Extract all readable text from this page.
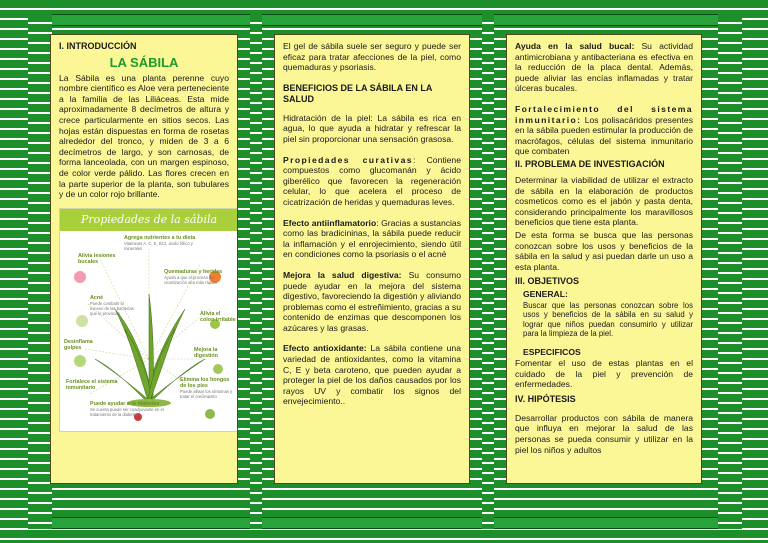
I. INTRODUCCIÓN
LA SÁBILA

La Sábila es una planta perenne cuyo nombre científico es Aloe vera perteneciente a la familia de las Liliáceas. Esta mide aproximadamente 8 decímetros de altura y crece particularmente en sitios secos. Las hojas están dispuestas en forma de rosetas alrededor del tronco, y miden de 3 a 6 decímetros de largo, y son carnosas, de forma lanceolada, con un margen espinoso, de color verde pálido. Las flores crecen en la parte superior de la planta, son tubulares y de un color rojo brillante.

Propiedades de la sábila
Agrega nutrientes a tu dieta
Vitaminas A, C, E, B12, ácido fólico y minerales
Alivia lesiones bucales
Quemaduras y heridas
Ayuda a que el proceso de cicatrización sea más rápido
Acné
Puede combatir el exceso de las bacterias que lo provocan	Alivia el colon irritable
Desinflama golpes	Mejora la digestión
Fortalece el sistema inmunitario
Elimina los hongos de los pies
Puede aliviar los síntomas y tratar el crecimiento
Puede ayudar a la diabetes
Se cuenta puede ser coadyuvante en el tratamiento de la diabetes

El gel de sábila suele ser seguro y puede ser eficaz para tratar afecciones de la piel, como quemaduras y psoriasis.

BENEFICIOS DE LA SÁBILA EN LA SALUD

Hidratación de la piel: La sábila es rica en agua, lo que ayuda a hidratar y refrescar la piel sin proporcionar una sensación grasosa.

Propiedades curativas: Contiene compuestos como glucomanán y ácido giberélico que favorecen la regeneración celular, lo que acelera el proceso de cicatrización de heridas y quemaduras leves.

Efecto antiinflamatorio: Gracias a sustancias como las bradicininas, la sábila puede reducir la inflamación y el enrojecimiento, siendo útil en condiciones como la psoriasis o el acné

Mejora la salud digestiva: Su consumo puede ayudar en la mejora del sistema digestivo, favoreciendo la digestión y aliviando problemas como el estreñimiento, gracias a su contenido de enzimas que descomponen los azúcares y las grasas.

Efecto antioxidante: La sábila contiene una variedad de antioxidantes, como la vitamina C, E y beta caroteno, que pueden ayudar a proteger la piel de los daños causados por los rayos UV y combatir los signos del envejecimiento..

Ayuda en la salud bucal: Su actividad antimicrobiana y antibacteriana es efectiva en la reducción de la placa dental. Además, puede aliviar las encías inflamadas y tratar úlceras bucales.

Fortalecimiento del sistema inmunitario: Los polisacáridos presentes en la sábila pueden estimular la producción de macrófagos, células del sistema inmunitario que combaten

II. PROBLEMA DE INVESTIGACIÓN

Determinar la viabilidad de utilizar el extracto de sábila en la elaboración de productos cosmeticos como es el jabón y pasta denta, considerando principalmente los maravillosos beneficios que tiene esta planta.

De esta forma se busca que las personas conozcan sobre los usos y beneficios de la sábila en la salud y asi puedan darle un uso a esta planta.

III. OBJETIVOS
GENERAL:

Buscar que las personas conozcan sobre los usos y beneficios de la sábila en su salud y lograr que niños puedan consumirlo y utilizar para la limpieza de la piel.

ESPECIFICOS

Fomentar el uso de estas plantas en el cuidado de la piel y prevención de enfermedades.

IV. HIPÓTESIS

Desarrollar productos con sábila de manera que influya en mejorar la salud de las personas se pueda consumir y utilizar en la piel los niños y adultos
